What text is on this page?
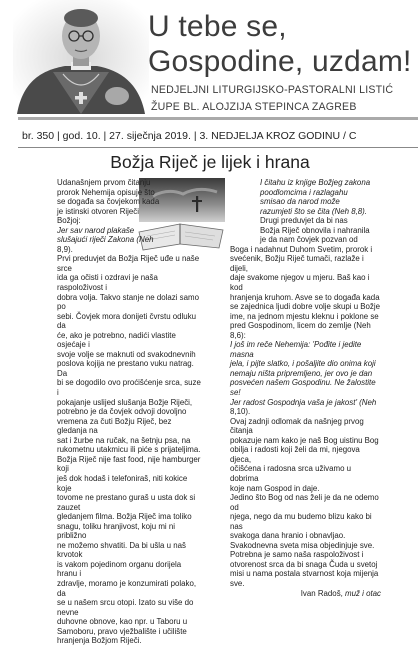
U tebe se,
Gospodine, uzdam!
NEDJELJNI LITURGIJSKO-PASTORALNI LISTIĆ
ŽUPE BL. ALOJZIJA STEPINCA ZAGREB
br. 350 | god. 10. | 27. siječnja 2019. | 3. NEDJELJA KROZ GODINU / C
Božja Riječ je lijek i hrana

Udanašnjem prvom čitanju

prorok Nehemija opisuje što

se događa sa čovjekom kada

je istinski otvoren Riječi

Božjoj:

Jer sav narod plakaše

slušajući riječi Zakona (Neh

8,9).

Prvi preduvjet da Božja Riječ uđe u naše srce

ida ga očisti i ozdravi je naša raspoloživost i

dobra volja. Takvo stanje ne dolazi samo po

sebi. Čovjek mora donijeti čvrstu odluku da

će, ako je potrebno, nadići vlastite osjećaje i

svoje volje se maknuti od svakodnevnih

poslova kojija ne prestano vuku natrag. Da

bi se dogodilo ovo proćišćenje srca, suze i

pokajanje uslijed slušanja Božje Riječi,

potrebno je da čovjek odvoji dovoljno

vremena za čuti Božju Riječ, bez gledanja na

sat i žurbe na ručak, na šetnju psa, na

rukometnu utakmicu ili piće s prijateljima.

Božja Riječ nije fast food, nije hamburger koji

ješ dok hodaš i telefoniraš, niti kokice koje

tovome ne prestano guraš u usta dok si zauzet

gledanjem filma. Božja Riječ ima toliko

snagu, toliku hranjivost, koju mi ni približno

ne možemo shvatiti. Da bi ušla u naš krvotok

is vakom pojedinom organu dorijela hranu i

zdravlje, moramo je konzumirati polako, da

se u našem srcu otopi. Izato su više do nevne

duhovne obnove, kao npr. u Taboru u

Samoboru, pravo vježbalište i učilište

hranjenja Božjom Riječi.

I čitahu iz knjige Božjeg zakona

poodlomcima i razlagahu

smisao da narod može

razumjeti što se čita (Neh 8,8).

Drugi preduvjet da bi nas

Božja Riječ obnovila i nahranila

je da nam čovjek pozvan od

Boga i nadahnut Duhom Svetim, prorok i

svećenik, Božju Riječ tumači, razlaže i dijeli,

daje svakome njegov u mjeru. Baš kao i kod

hranjenja kruhom. Asve se to događa kada

se zajednica ljudi dobre volje skupi u Božje

ime, na jednom mjestu kleknu i poklone se

pred Gospodinom, licem do zemlje (Neh 8,6):

I još im reče Nehemija: 'Pođite i jedite masna

jela, i pijte slatko, i pošaljite dio onima koji

nemaju ništa pripremljeno, jer ovo je dan

posvećen našem Gospodinu. Ne žalostite se!

Jer radost Gospodnja vaša je jakost' (Neh

8,10).

Ovaj zadnji odlomak da našnjeg prvog čitanja

pokazuje nam kako je naš Bog uistinu Bog

obilja i radosti koji želi da mi, njegova djeca,

očišćena i radosna srca uživamo u dobrima

koje nam Gospod in daje.

Jedino što Bog od nas želi je da ne odemo od

njega, nego da mu budemo blizu kako bi nas

svakoga dana hranio i obnavljao.

Svakodnevna sveta misa objedinjuje sve.

Potrebna je samo naša raspoloživost i

otvorenost srca da bi snaga Čuda u svetoj

misi u nama postala stvarnost koja mijenja

sve.

Ivan Radoš, muž i otac
